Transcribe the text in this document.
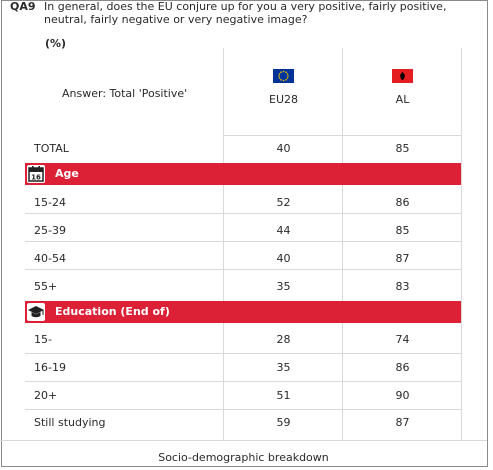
QA9 In general, does the EU conjure up for you a very positive, fairly positive, neutral, fairly negative or very negative image?
(%)
Answer: Total 'Positive'	EU28	AL
TOTAL	40	85
16 Age
15-24	52	86
25-39	44	85
40-54	40	87
55+	35	83
Education (End of)
15-	28	74
16-19	35	86
20+	51	90
Still studying	59	87
Socio-demographic breakdown
